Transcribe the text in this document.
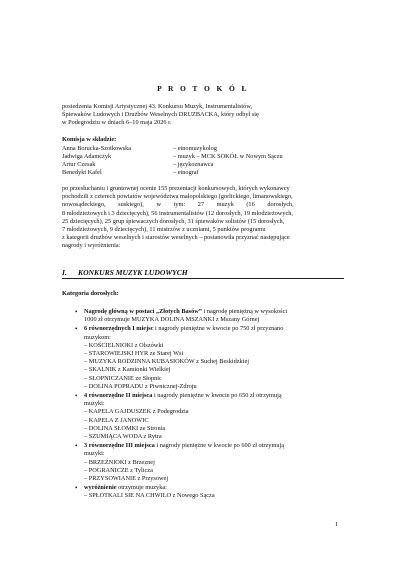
P R O T O K Ó Ł
posiedzenia Komisji Artystycznej 43. Konkursu Muzyk, Instrumentalistów,
Śpiewaków Ludowych i Drużbów Weselnych DRUZBACKA, który odbył się
w Podegrodziu w dniach 6–10 maja 2026 r.
Komisja w składzie:
Anna Borucka-Szotkowska	– etnomuzykolog
Jadwiga Adamczyk	– muzyk – MCK SOKÓŁ w Nowym Sączu
Artur Czesak	– językoznawca
Benedykt Kafel	– etnograf
po przesłuchaniu i gruntownej ocenie 155 prezentacji konkursowych, których wykonawcy
pochodzili z czterech powiatów województwa małopolskiego (gorlickiego, limanowskiego,
nowosądeckiego,        suskiego),        w        tym:        27        muzyk        (16        dorosłych,
8 młodzieżowych i 3 dziecięcych), 56 instrumentalistów (12 dorosłych, 19 młodzieżowych,
25 dziecięcych), 25 grup śpiewaczych dorosłych, 31 śpiewaków solistów (15 dorosłych,
7 młodzieżowych, 9 dziecięcych), 11 mistrzów z uczniami, 5 punktów programu
z kategorii drużbów weselnych i starostów weselnych – postanowiła przyznać następujące
nagrody i wyróżnienia:
I. KONKURS MUZYK LUDOWYCH
Kategoria dorosłych:
• Nagrodę główną w postaci „Złotych Basów” i nagrodę pieniężną w wysokości
1000 zł otrzymuje MUZYKA DOLINA MSZANKI z Mszany Górnej
• 6 równorzędnych I miejsc i nagrody pieniężne w kwocie po 750 zł przyznano
muzykom:
– KOŚCIELNIOKI z Olszówki
– STAROWIEJSKI HYR ze Starej Wsi
– MUZYKA RODZINNA KUBASIOKÓW z Suchej Beskidzkiej
– SKALNIK z Kamionki Wielkiej
– SŁOPNICZANIE ze Słopnic
– DOLINA POPRADU z Piwnicznej-Zdroju
• 4 równorzędne II miejsca i nagrody pieniężne w kwocie po 650 zł otrzymują
muzyki:
– KAPELA GAJDUSZEK z Podegrodzia
– KAPELA Z JANOWIC
– DOLINA SŁOMKI ze Stronia
– SZUMIĄCA WODA z Rytra
• 3 równorzędne III miejsca i nagrody pieniężne w kwocie po 600 zł otrzymują
muzyki:
– BRZEŹNIOKI z Brzeznej
– POGRANICZE z Tylicza
– PRZYSOWIANIE z Przysowej
• wyróżnienie otrzymuje muzyka:
– SPŁOTKALI SIE NA CHWILO z Nowego Sącza
1
